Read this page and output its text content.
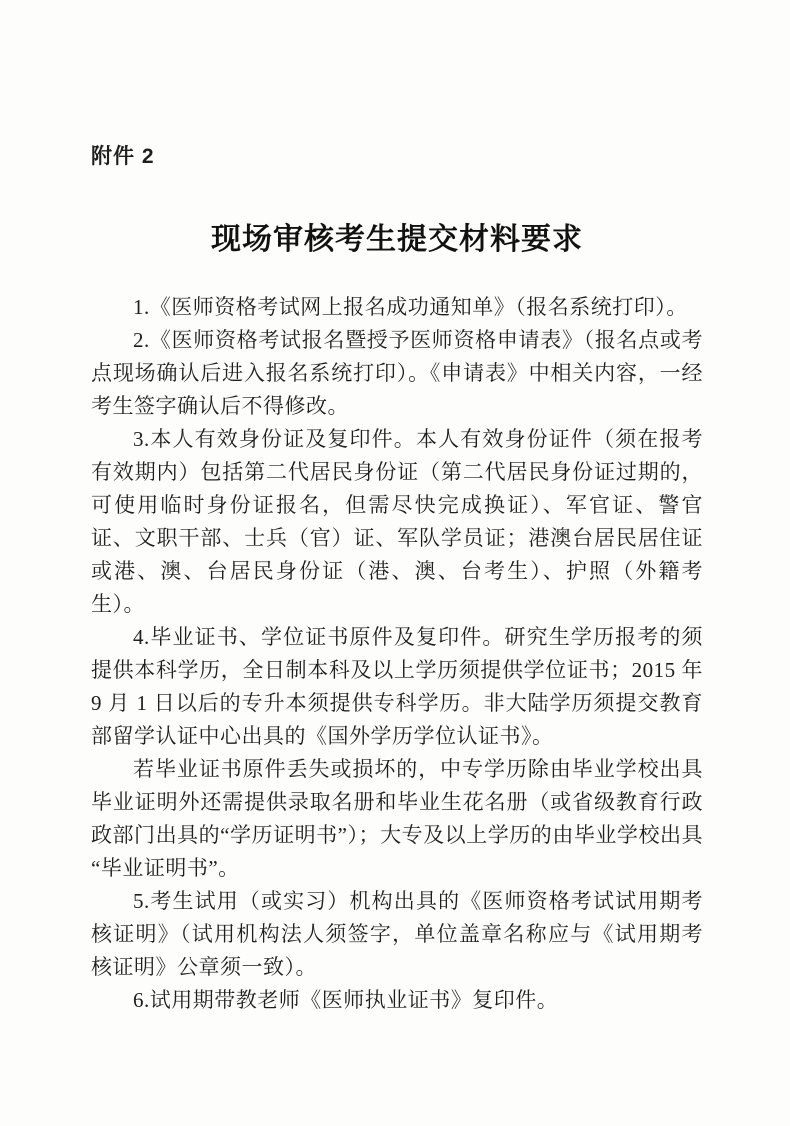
附件 2
现场审核考生提交材料要求

1.《医师资格考试网上报名成功通知单》（报名系统打印）。

2.《医师资格考试报名暨授予医师资格申请表》（报名点或考点现场确认后进入报名系统打印）。《申请表》中相关内容，一经考生签字确认后不得修改。

3.本人有效身份证及复印件。本人有效身份证件（须在报考有效期内）包括第二代居民身份证（第二代居民身份证过期的，可使用临时身份证报名，但需尽快完成换证）、军官证、警官证、文职干部、士兵（官）证、军队学员证；港澳台居民居住证或港、澳、台居民身份证（港、澳、台考生）、护照（外籍考生）。

4.毕业证书、学位证书原件及复印件。研究生学历报考的须提供本科学历，全日制本科及以上学历须提供学位证书；2015 年 9 月 1 日以后的专升本须提供专科学历。非大陆学历须提交教育部留学认证中心出具的《国外学历学位认证书》。

若毕业证书原件丢失或损坏的，中专学历除由毕业学校出具毕业证明外还需提供录取名册和毕业生花名册（或省级教育行政政部门出具的“学历证明书”）；大专及以上学历的由毕业学校出具“毕业证明书”。

5.考生试用（或实习）机构出具的《医师资格考试试用期考核证明》（试用机构法人须签字，单位盖章名称应与《试用期考核证明》公章须一致）。

6.试用期带教老师《医师执业证书》复印件。
